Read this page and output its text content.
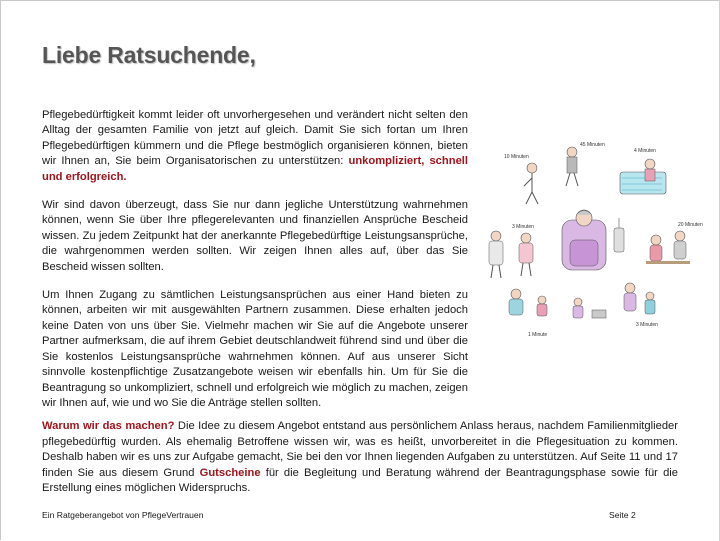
Liebe Ratsuchende,

Pflegebedürftigkeit kommt leider oft unvorhergesehen und verändert nicht selten den Alltag der gesamten Familie von jetzt auf gleich. Damit Sie sich fortan um Ihren Pflegebedürftigen kümmern und die Pflege bestmöglich organisieren können, bieten wir Ihnen an, Sie beim Organisatorischen zu unterstützen: unkompliziert, schnell und erfolgreich.

Wir sind davon überzeugt, dass Sie nur dann jegliche Unterstützung wahrnehmen können, wenn Sie über Ihre pflegerelevanten und finanziellen Ansprüche Bescheid wissen. Zu jedem Zeitpunkt hat der anerkannte Pflegebedürftige Leistungsansprüche, die wahrgenommen werden sollten. Wir zeigen Ihnen alles auf, über das Sie Bescheid wissen sollten.

Um Ihnen Zugang zu sämtlichen Leistungsansprüchen aus einer Hand bieten zu können, arbeiten wir mit ausgewählten Partnern zusammen. Diese erhalten jedoch keine Daten von uns über Sie. Vielmehr machen wir Sie auf die Angebote unserer Partner aufmerksam, die auf ihrem Gebiet deutschlandweit führend sind und über die Sie kostenlos Leistungsansprüche wahrnehmen können. Auf aus unserer Sicht sinnvolle kostenpflichtige Zusatzangebote weisen wir ebenfalls hin. Um für Sie die Beantragung so unkompliziert, schnell und erfolgreich wie möglich zu machen, zeigen wir Ihnen auf, wie und wo Sie die Anträge stellen sollten.

10 Minuten
45 Minuten
4 Minuten
3 Minuten	20 Minuten
1 Minute
3 Minuten

Warum wir das machen? Die Idee zu diesem Angebot entstand aus persönlichem Anlass heraus, nachdem Familienmitglieder pflegebedürftig wurden. Als ehemalig Betroffene wissen wir, was es heißt, unvorbereitet in die Pflegesituation zu kommen. Deshalb haben wir es uns zur Aufgabe gemacht, Sie bei den vor Ihnen liegenden Aufgaben zu unterstützen. Auf Seite 11 und 17 finden Sie aus diesem Grund Gutscheine für die Begleitung und Beratung während der Beantragungsphase sowie für die Erstellung eines möglichen Widerspruchs.

Ein Ratgeberangebot von PflegeVertrauen	Seite 2
